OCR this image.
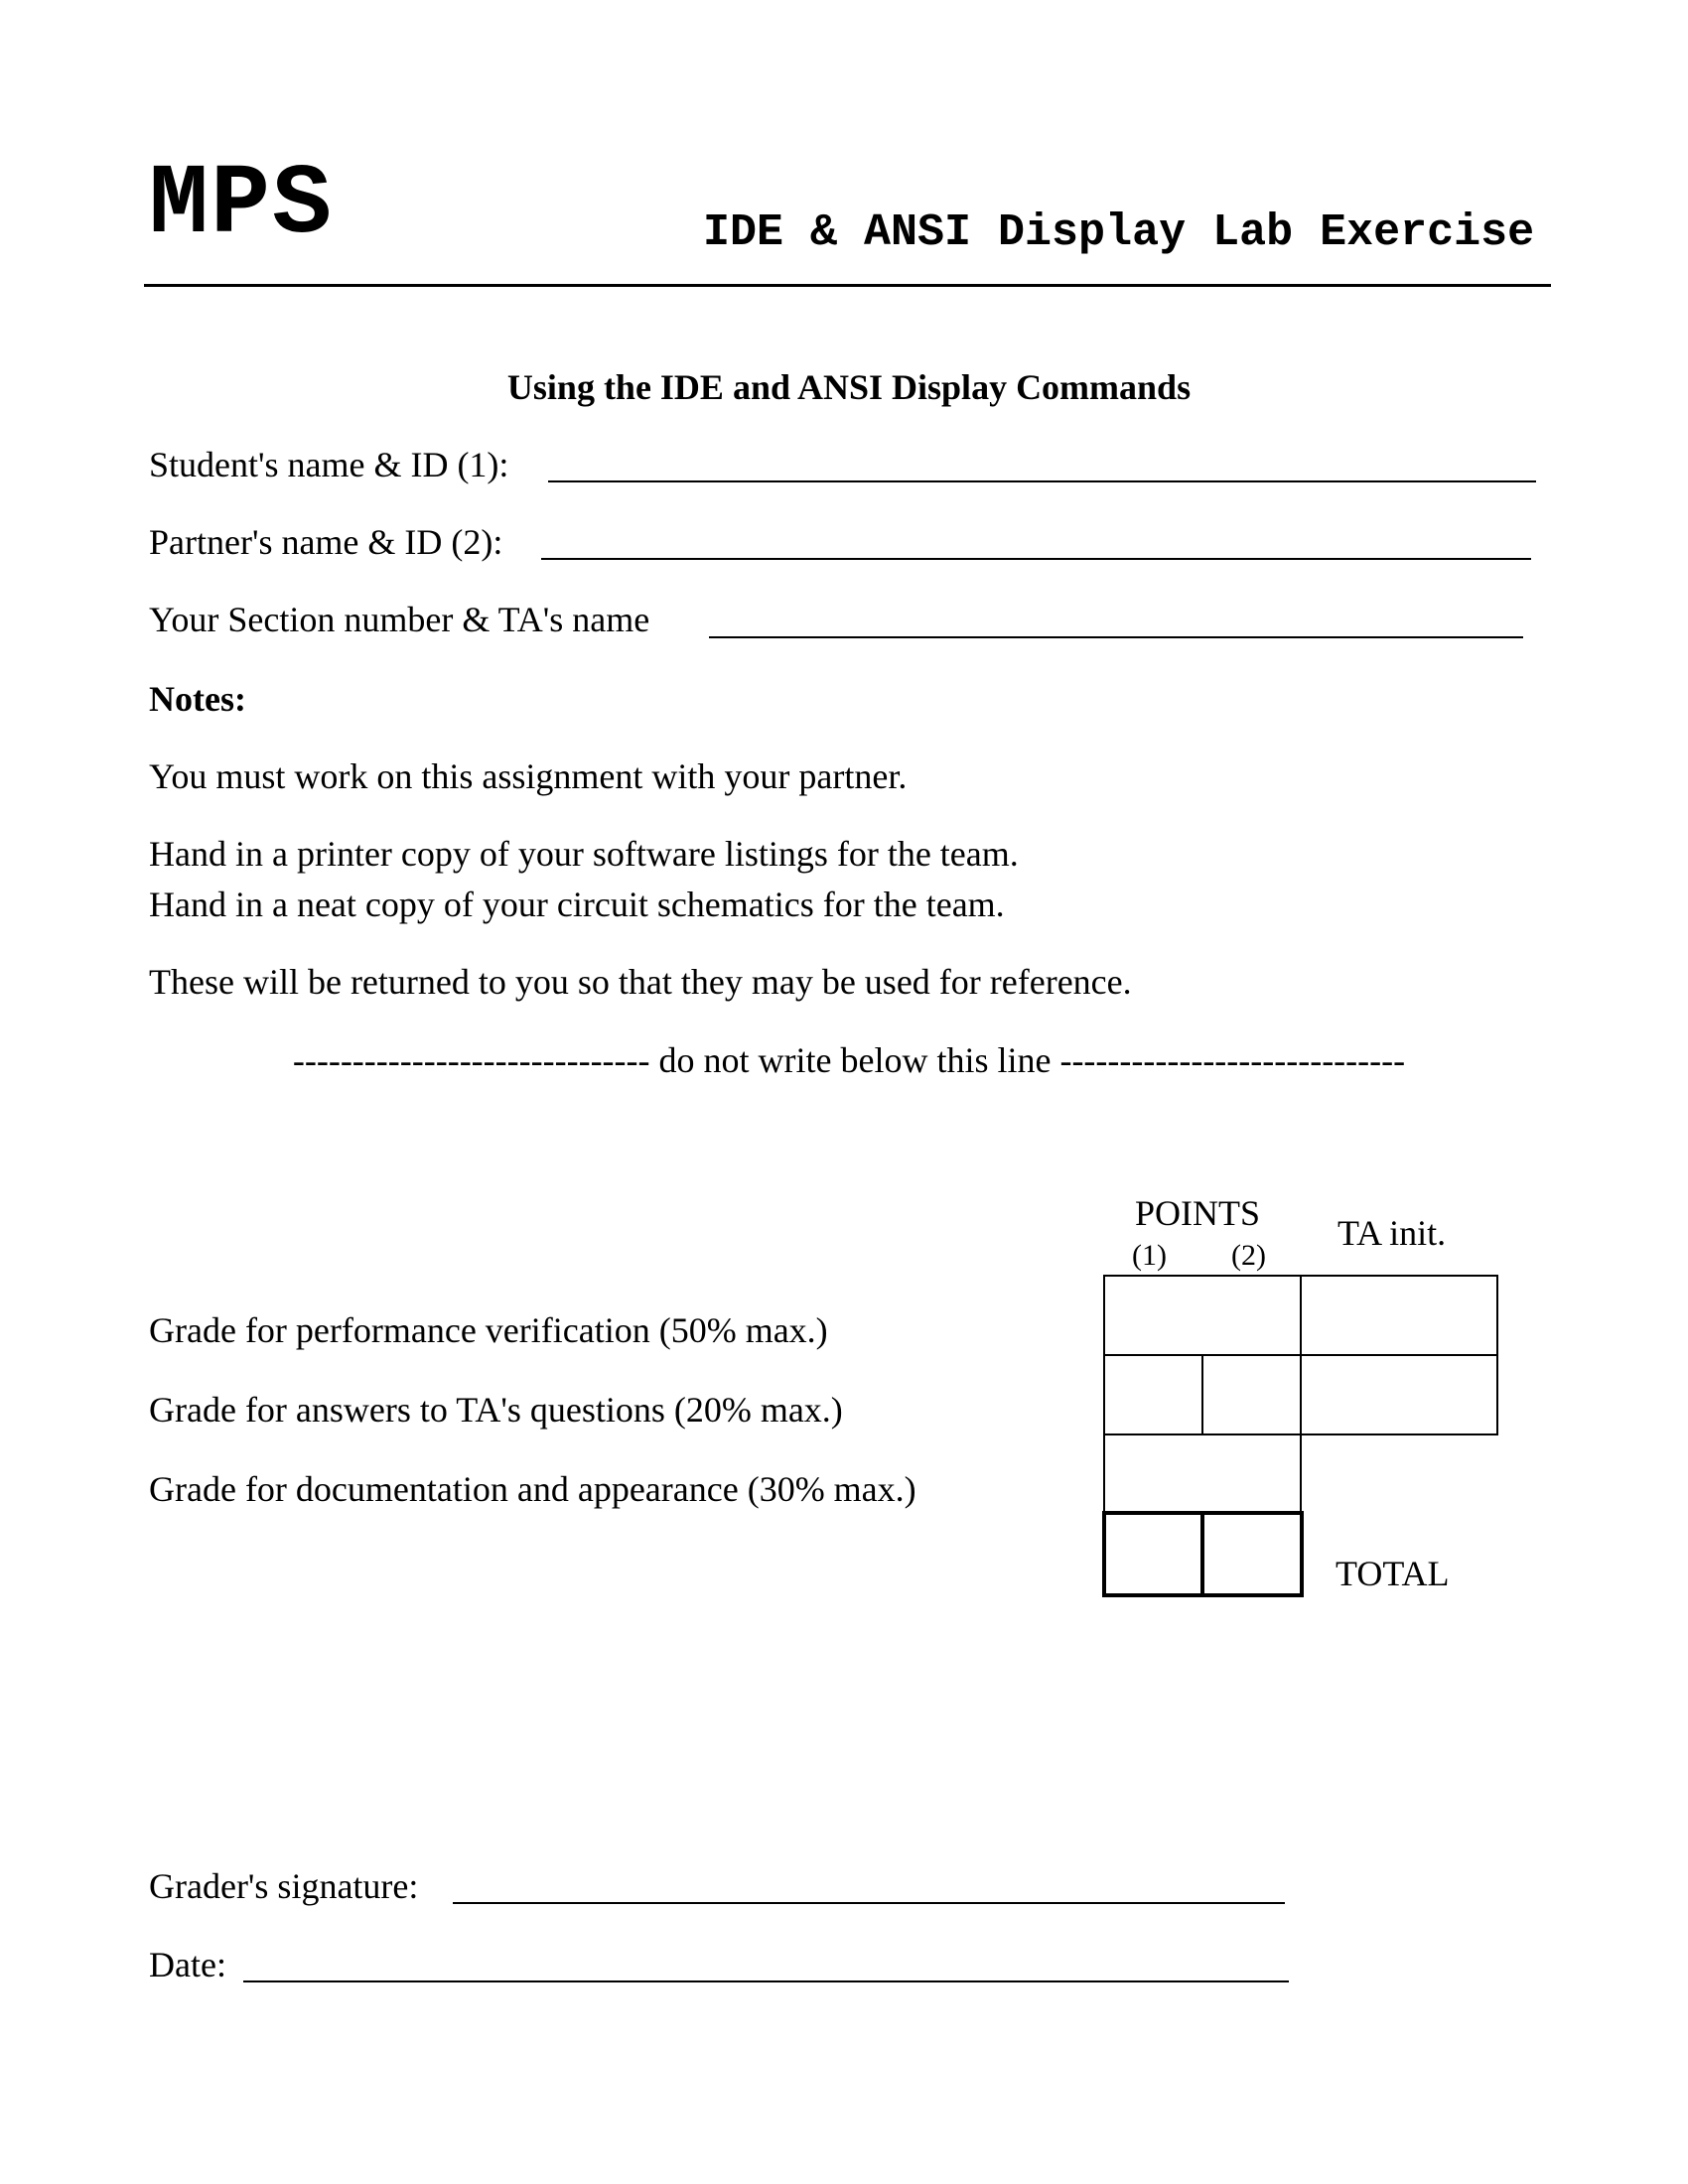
MPS	IDE & ANSI Display Lab Exercise
Using the IDE and ANSI Display Commands
Student's name & ID (1):
Partner's name & ID (2):
Your Section number & TA's name
Notes:
You must work on this assignment with your partner.
Hand in a printer copy of your software listings for the team.
Hand in a neat copy of your circuit schematics for the team.
These will be returned to you so that they may be used for reference.
------------------------------ do not write below this line -----------------------------
POINTS
(1) (2)
TA init.
Grade for performance verification (50% max.)
Grade for answers to TA's questions (20% max.)
Grade for documentation and appearance (30% max.)
TOTAL
Grader's signature:
Date:
